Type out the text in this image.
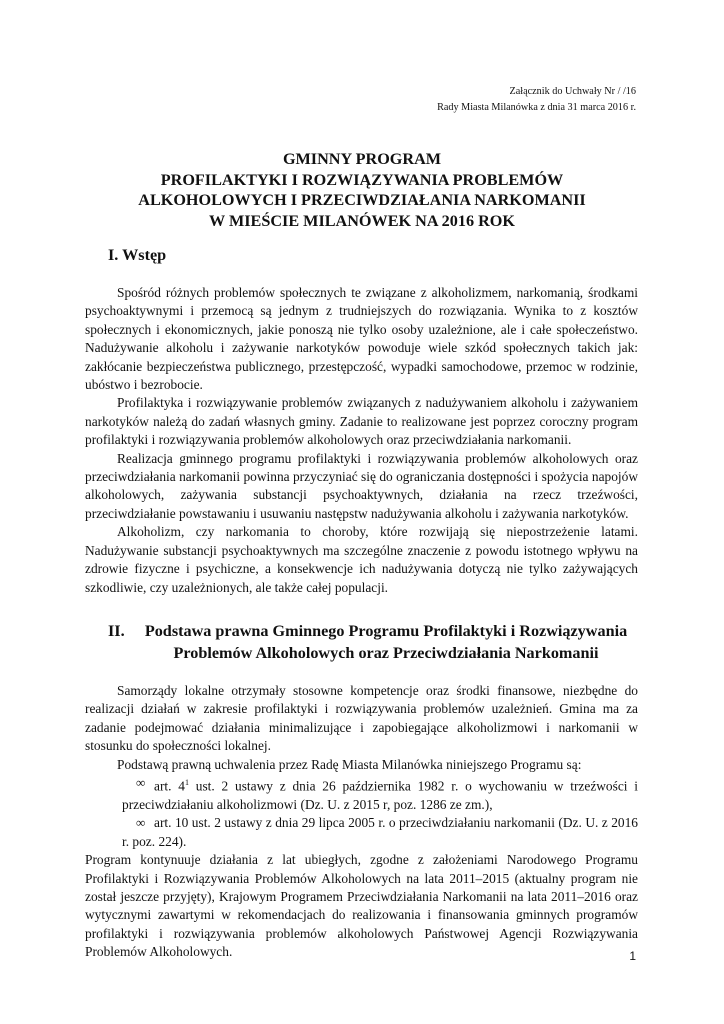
Załącznik do Uchwały Nr / /16
Rady Miasta Milanówka z dnia 31 marca 2016 r.
GMINNY PROGRAM
PROFILAKTYKI I ROZWIĄZYWANIA PROBLEMÓW
ALKOHOLOWYCH I PRZECIWDZIAŁANIA NARKOMANII
W MIEŚCIE MILANÓWEK NA 2016 ROK
I. Wstęp

Spośród różnych problemów społecznych te związane z alkoholizmem, narkomanią, środkami psychoaktywnymi i przemocą są jednym z trudniejszych do rozwiązania. Wynika to z kosztów społecznych i ekonomicznych, jakie ponoszą nie tylko osoby uzależnione, ale i całe społeczeństwo. Nadużywanie alkoholu i zażywanie narkotyków powoduje wiele szkód społecznych takich jak: zakłócanie bezpieczeństwa publicznego, przestępczość, wypadki samochodowe, przemoc w rodzinie, ubóstwo i bezrobocie.

Profilaktyka i rozwiązywanie problemów związanych z nadużywaniem alkoholu i zażywaniem narkotyków należą do zadań własnych gminy. Zadanie to realizowane jest poprzez coroczny program profilaktyki i rozwiązywania problemów alkoholowych oraz przeciwdziałania narkomanii.

Realizacja gminnego programu profilaktyki i rozwiązywania problemów alkoholowych oraz przeciwdziałania narkomanii powinna przyczyniać się do ograniczania dostępności i spożycia napojów alkoholowych, zażywania substancji psychoaktywnych, działania na rzecz trzeźwości, przeciwdziałanie powstawaniu i usuwaniu następstw nadużywania alkoholu i zażywania narkotyków.

Alkoholizm, czy narkomania to choroby, które rozwijają się niepostrzeżenie latami. Nadużywanie substancji psychoaktywnych ma szczególne znaczenie z powodu istotnego wpływu na zdrowie fizyczne i psychiczne, a konsekwencje ich nadużywania dotyczą nie tylko zażywających szkodliwie, czy uzależnionych, ale także całej populacji.

II.	Podstawa prawna Gminnego Programu Profilaktyki i Rozwiązywania
Problemów Alkoholowych oraz Przeciwdziałania Narkomanii

Samorządy lokalne otrzymały stosowne kompetencje oraz środki finansowe, niezbędne do realizacji działań w zakresie profilaktyki i rozwiązywania problemów uzależnień. Gmina ma za zadanie podejmować działania minimalizujące i zapobiegające alkoholizmowi i narkomanii w stosunku do społeczności lokalnej.

Podstawą prawną uchwalenia przez Radę Miasta Milanówka niniejszego Programu są:

∞ art. $4^1$ ust. 2 ustawy z dnia 26 października 1982 r. o wychowaniu w trzeźwości i przeciwdziałaniu alkoholizmowi (Dz. U. z 2015 r, poz. 1286 ze zm.),

∞ art. 10 ust. 2 ustawy z dnia 29 lipca 2005 r. o przeciwdziałaniu narkomanii (Dz. U. z 2016 r. poz. 224).

Program kontynuuje działania z lat ubiegłych, zgodne z założeniami Narodowego Programu Profilaktyki i Rozwiązywania Problemów Alkoholowych na lata 2011–2015 (aktualny program nie został jeszcze przyjęty), Krajowym Programem Przeciwdziałania Narkomanii na lata 2011–2016 oraz wytycznymi zawartymi w rekomendacjach do realizowania i finansowania gminnych programów profilaktyki i rozwiązywania problemów alkoholowych Państwowej Agencji Rozwiązywania Problemów Alkoholowych.	1
